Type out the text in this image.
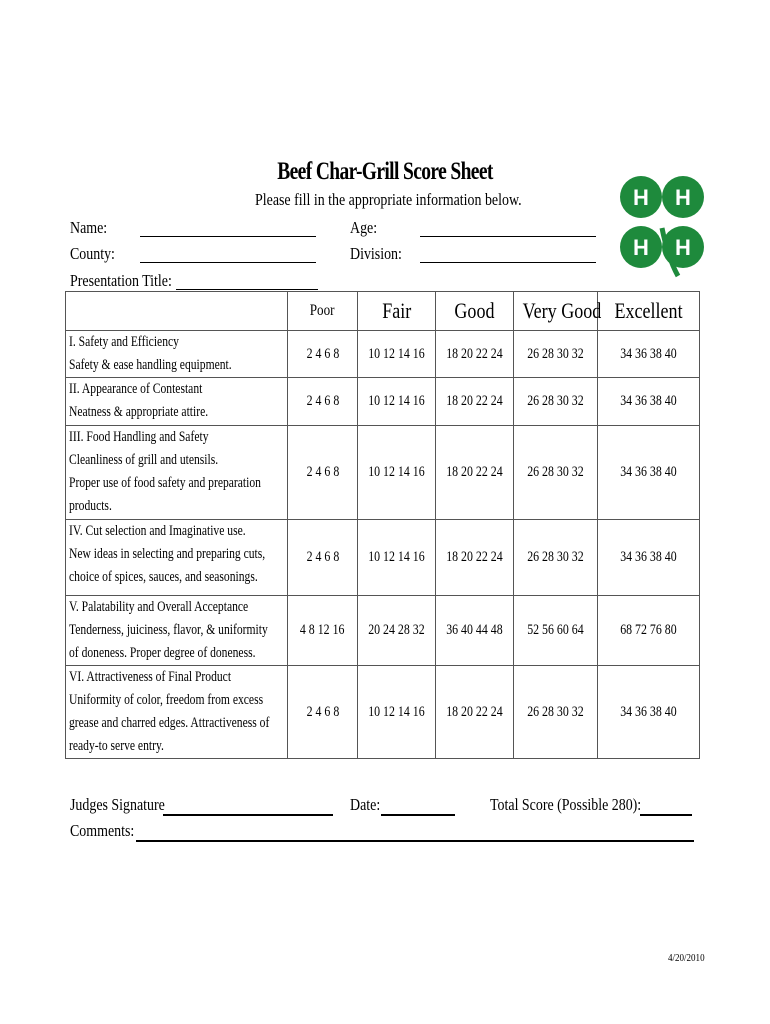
Beef Char-Grill Score Sheet
Please fill in the appropriate information below.
Name:	Age:
County:	Division:
Presentation Title:
H H
H H
	Poor	Fair	Good	Very Good	Excellent

I. Safety and Efficiency
Safety & ease handling equipment.	2 4 6 8	10 12 14 16	18 20 22 24	26 28 30 32	34 36 38 40

II. Appearance of Contestant
Neatness & appropriate attire.	2 4 6 8	10 12 14 16	18 20 22 24	26 28 30 32	34 36 38 40

III. Food Handling and Safety
Cleanliness of grill and utensils.
Proper use of food safety and preparation
products.	2 4 6 8	10 12 14 16	18 20 22 24	26 28 30 32	34 36 38 40

IV. Cut selection and Imaginative use.
New ideas in selecting and preparing cuts,
choice of spices, sauces, and seasonings.	2 4 6 8	10 12 14 16	18 20 22 24	26 28 30 32	34 36 38 40

V. Palatability and Overall Acceptance
Tenderness, juiciness, flavor, & uniformity
of doneness. Proper degree of doneness.	4 8 12 16	20 24 28 32	36 40 44 48	52 56 60 64	68 72 76 80

VI. Attractiveness of Final Product
Uniformity of color, freedom from excess
grease and charred edges. Attractiveness of
ready-to serve entry.	2 4 6 8	10 12 14 16	18 20 22 24	26 28 30 32	34 36 38 40
Judges Signature	Date:	Total Score (Possible 280):
Comments:
4/20/2010
